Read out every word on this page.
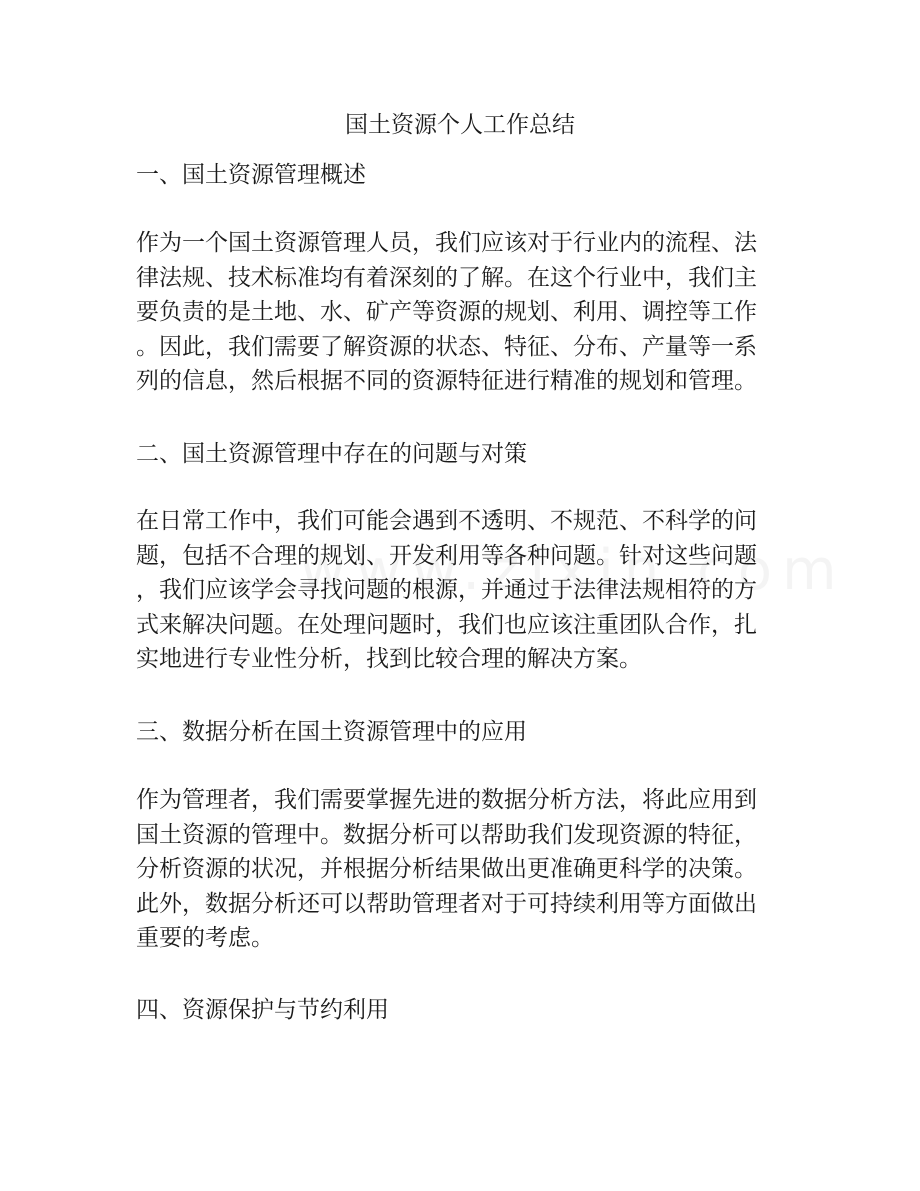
国土资源个人工作总结
一、国土资源管理概述
作为一个国土资源管理人员，我们应该对于行业内的流程、法
律法规、技术标准均有着深刻的了解。在这个行业中，我们主
要负责的是土地、水、矿产等资源的规划、利用、调控等工作
。因此，我们需要了解资源的状态、特征、分布、产量等一系
列的信息，然后根据不同的资源特征进行精准的规划和管理。
二、国土资源管理中存在的问题与对策
在日常工作中，我们可能会遇到不透明、不规范、不科学的问
题，包括不合理的规划、开发利用等各种问题。针对这些问题
，我们应该学会寻找问题的根源，并通过于法律法规相符的方
式来解决问题。在处理问题时，我们也应该注重团队合作，扎
实地进行专业性分析，找到比较合理的解决方案。
三、数据分析在国土资源管理中的应用
作为管理者，我们需要掌握先进的数据分析方法，将此应用到
国土资源的管理中。数据分析可以帮助我们发现资源的特征，
分析资源的状况，并根据分析结果做出更准确更科学的决策。
此外，数据分析还可以帮助管理者对于可持续利用等方面做出
重要的考虑。
四、资源保护与节约利用
